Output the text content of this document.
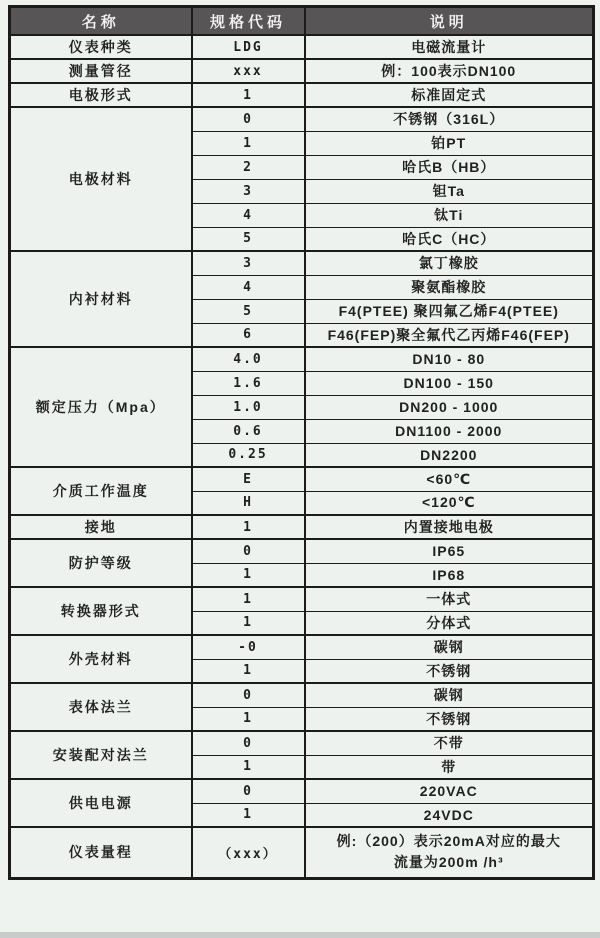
名称	规格代码	说明
仪表种类	LDG	电磁流量计
测量管径	xxx	例：100表示DN100
电极形式	1	标准固定式
电极材料	0	不锈钢（316L）
	1	铂PT
	2	哈氏B（HB）
	3	钽Ta
	4	钛Ti
	5	哈氏C（HC）
内衬材料	3	氯丁橡胶
	4	聚氨酯橡胶
	5	F4(PTEE) 聚四氟乙烯F4(PTEE)
	6	F46(FEP)聚全氟代乙丙烯F46(FEP)
额定压力（Mpa）	4.0	DN10 - 80
	1.6	DN100 - 150
	1.0	DN200 - 1000
	0.6	DN1100 - 2000
	0.25	DN2200
介质工作温度	E	<60℃
	H	<120℃
接地	1	内置接地电极
防护等级	0	IP65
	1	IP68
转换器形式	1	一体式
	1	分体式
外壳材料	-0	碳钢
	1	不锈钢
表体法兰	0	碳钢
	1	不锈钢
安装配对法兰	0	不带
	1	带
供电电源	0	220VAC
	1	24VDC
仪表量程	（xxx）	例:（200）表示20mA对应的最大
流量为200m /h³
